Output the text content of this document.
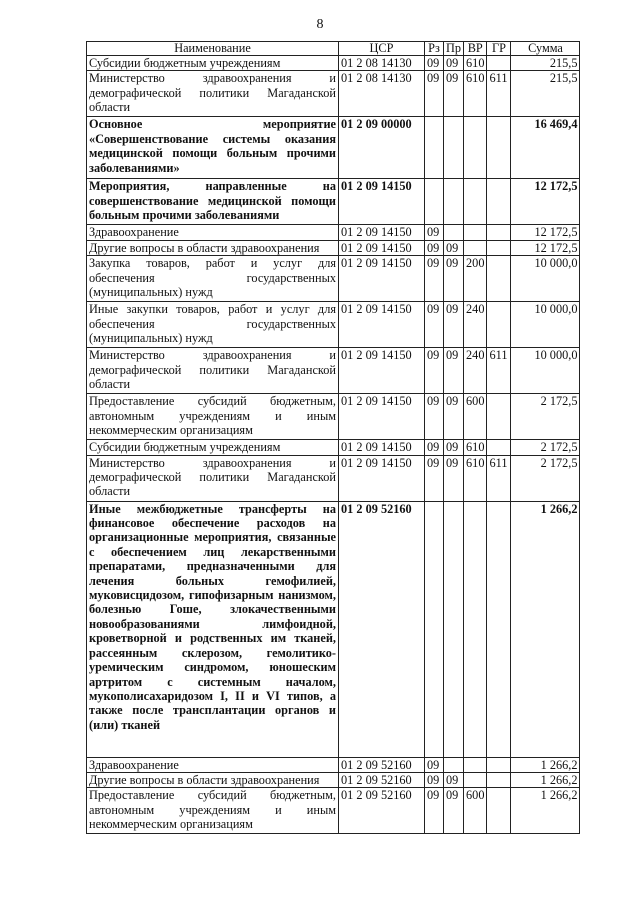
8
Наименование	ЦСР	Рз	Пр	ВР	ГР	Сумма
Субсидии бюджетным учреждениям	01 2 08 14130	09	09	610		215,5
Министерство здравоохранения и демографической политики Магаданской области	01 2 08 14130	09	09	610	611	215,5
Основное мероприятие «Совершенствование системы оказания медицинской помощи больным прочими заболеваниями»	01 2 09 00000					16 469,4
Мероприятия, направленные на совершенствование медицинской помощи больным прочими заболеваниями	01 2 09 14150					12 172,5
Здравоохранение	01 2 09 14150	09				12 172,5
Другие вопросы в области здравоохранения	01 2 09 14150	09	09			12 172,5
Закупка товаров, работ и услуг для обеспечения государственных (муниципальных) нужд	01 2 09 14150	09	09	200		10 000,0
Иные закупки товаров, работ и услуг для обеспечения государственных (муниципальных) нужд	01 2 09 14150	09	09	240		10 000,0
Министерство здравоохранения и демографической политики Магаданской области	01 2 09 14150	09	09	240	611	10 000,0
Предоставление субсидий бюджетным, автономным учреждениям и иным некоммерческим организациям	01 2 09 14150	09	09	600		2 172,5
Субсидии бюджетным учреждениям	01 2 09 14150	09	09	610		2 172,5
Министерство здравоохранения и демографической политики Магаданской области	01 2 09 14150	09	09	610	611	2 172,5
Иные межбюджетные трансферты на финансовое обеспечение расходов на организационные мероприятия, связанные с обеспечением лиц лекарственными препаратами, предназначенными для лечения больных гемофилией, муковисцидозом, гипофизарным нанизмом, болезнью Гоше, злокачественными новообразованиями лимфоидной, кроветворной и родственных им тканей, рассеянным склерозом, гемолитико-уремическим синдромом, юношеским артритом с системным началом, мукополисахаридозом I, II и VI типов, а также после трансплантации органов и (или) тканей	01 2 09 52160					1 266,2
Здравоохранение	01 2 09 52160	09				1 266,2
Другие вопросы в области здравоохранения	01 2 09 52160	09	09			1 266,2
Предоставление субсидий бюджетным, автономным учреждениям и иным некоммерческим организациям	01 2 09 52160	09	09	600		1 266,2
